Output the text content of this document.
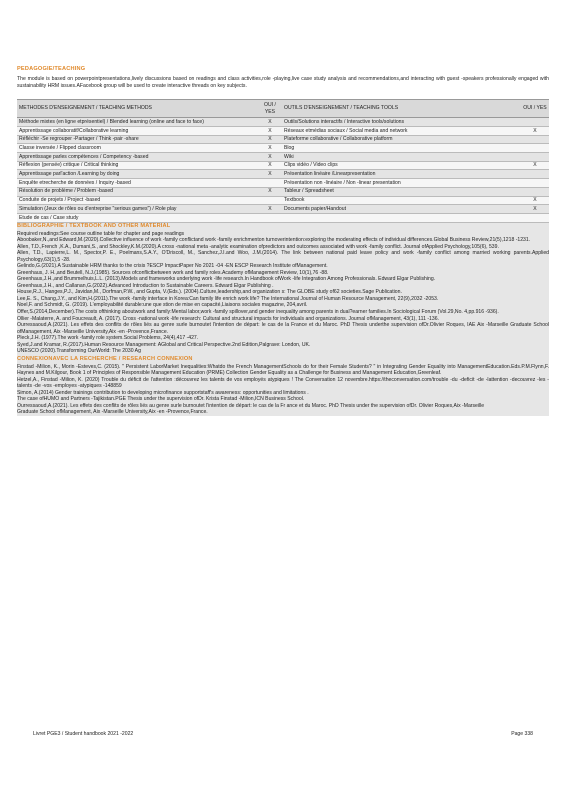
PEDAGOGIE/TEACHING
The module is based on powerpointpresentations,lively discussions based on readings and class activities,role -playing,live case study analysis and recommendations,and interacting with guest -speakers professionally engaged with sustainability HRM issues.AFacebook group will be used to create interactive threads on key subjects.
METHODES D'ENSEIGNEMENT / TEACHING METHODS	OUI / YES	OUTILS D'ENSEIGNEMENT / TEACHING TOOLS	OUI / YES
Méthode mixtes (en ligne etprésentiel) / Blended learning (online and face to face)	X	Outils/Solutions interactifs / Interactive tools/solutions	
Apprentissage collaboratif/Collaborative learning	X	Réseaux etmédias sociaux / Social media and network	X
Réfléchir -Se regrouper -Partager / Think -pair -share	X	Plateforme collaborative / Collaborative platform	
Classe inversée / Flipped classroom	X	Blog	
Apprentissage parles compétences / Competency -based	X	Wiki	
Réflexion (pensée) critique / Critical thinking	X	Clips vidéo / Video clips	X
Apprentissage parl'action /Learning by doing	X	Présentation linéaire /Linearpresentation	
Enquête etrecherche de données / Inquiry -based		Présentation non -linéaire / Non -linear presentation	
Résolution de problème / Problem -based	X	Tableur / Spreadsheet	
Conduite de projets / Project -based		Textbook	X
Simulation (Jeux de rôles ou d'entreprise "serious games") / Role play	X	Documents papier/Handout	X
Etude de cas / Case study			
BIBLIOGRAPHIE / TEXTBOOK AND OTHER MATERIAL

Required readings:See course outline table for chapter and page readings

Aboobaker,N.,and Edward,M.(2020).Collective influence of work -family conflictand work -family enrichmenton turnoverintention:exploring the moderating effects of individual differences.Global Business Review,21(5),1218 -1231.

Allen, T.D.,French ,K.A., Dumani,S., and Shockley,K.M.(2020).A cross -national meta -analytic examination ofpredictors and outcomes associated with work -family conflict. Journal ofApplied Psychology,105(6), 539.

Allen, T.D., Lapierre,L. M., Spector,P. E., Poelmans,S.A.Y., O'Driscoll, M., Sanchez,J.I.and Woo, J.M.(2014). The link between national paid leave policy and work -family conflict among married working parents.Applied Psychology,63(1),5 -28.

Gelindo,G.(2021).A Sustainable HRM thanks to the crisis ?ESCP ImpactPaper No 2021 -04 -EN ESCP Research Institute ofManagement.

Greenhaus, J. H.,and Beutell, N.J.(1985). Sources ofconflictbetween work and family roles.Academy ofManagement Review, 10(1),76 -88.

Greenhaus,J.H.,and Brummelhuis,L.L. (2013).Models and frameworks underlying work -life research.In Handbook ofWork -life Integration Among Professionals. Edward Elgar Publishing.

Greenhaus,J.H., and Callanan,G.(2022).Advanced Introduction to Sustainable Careers. Edward Elgar Publishing .

House,R.J., Hanges,P.J., Javidan,M., Dorfman,P.W., and Gupta, V.(Eds.). (2004).Culture,leadership,and organization s: The GLOBE study of62 societies.Sage Publication.

Lee,E. S., Chang,J.Y., and Kim,H.(2011).The work -family interface in Korea:Can family life enrich work life? The International Journal of Human Resource Management, 22(9),2032 -2053.

Noel,F. and Schmidt, G. (2019). L'employabilité durable:une que stion de mise en capacité,Liaisons sociales magazine, 204,avril.

Offer,S.(2014,December).The costs ofthinking aboutwork and family:Mental labor,work -family spillover,and gender inequality among parents in dual?earner families.In Sociological Forum (Vol.29,No. 4,pp.916 -936).

Ollier -Malaterre, A. and Foucreault, A. (2017). Cross -national work -life research: Cultural and structural impacts for individuals and organizations. Journal ofManagement, 43(1), 111 -136.

Ourressaoud,A.(2021). Les effets des conflits de rôles liés au genre surle burnoutet l'intention de départ: le cas de la France et du Maroc. PhD Thesis underthe supervision ofDr.Olivier Roques, IAE Aix -Marseille Graduate School ofManagement, Aix -Marseille University,Aix -en -Provence,France.

Pleck,J.H. (1977).The work -family role system.Social Problems, 24(4),417 -427.

Syed,J.and Kramar, R.(2017).Human Resource Management: AGlobal and Critical Perspective.2nd Edition,Palgrave: London, UK.

UNESCO (2020).Transforming OurWorld: The 2030 Ag

CONNEXIONAVEC LA RECHERCHE / RESEARCH CONNEXION

Finstad -Milion, K., Morin -Esteves,C. (2015). " Persistent LaborMarket Inequalities:Whatdo the French ManagementSchools do for their Female Students? " in Integrating Gender Equality into ManagementEducation.Eds.P.M.Flynn,F. Haynes and M.Kilgour, Book 1 of Principles of Responsible Management Education (PRME) Collection Gender Equality as a Challenge for Business and Management Education,Greenleaf.

Hetzel,A., Finstad -Milion, K. (2020) Trouble du déficit de l'attention :découvrez les talents de vos employés atypiques ! The Conversation 12 novembre.https://theconversation.com/trouble -du -deficit -de -lattention -decouvrez -les -talents -de -vos -employes -atypiques -148859

Simon, A.(2014) Gender trainings contribution to developing microfinance supportstaff's awareness: opportunities and limitations .

The case ofHUMO and Partners -Tajikistan.PGE Thesis under the supervision ofDr. Krista Finstad -Milion,ICN Business School.

Ourressaoud,A.(2021). Les effets des conflits de rôles liés au genre surle burnoutet l'intention de départ: le cas de la Fr ance et du Maroc. PhD Thesis under the supervision ofDr. Olivier Roques,Aix -Marseille

Graduate School ofManagement, Aix -Marseille University,Aix -en -Provence,France.

Livret PGE3 / Student handbook 2021 -2022	Page 338
